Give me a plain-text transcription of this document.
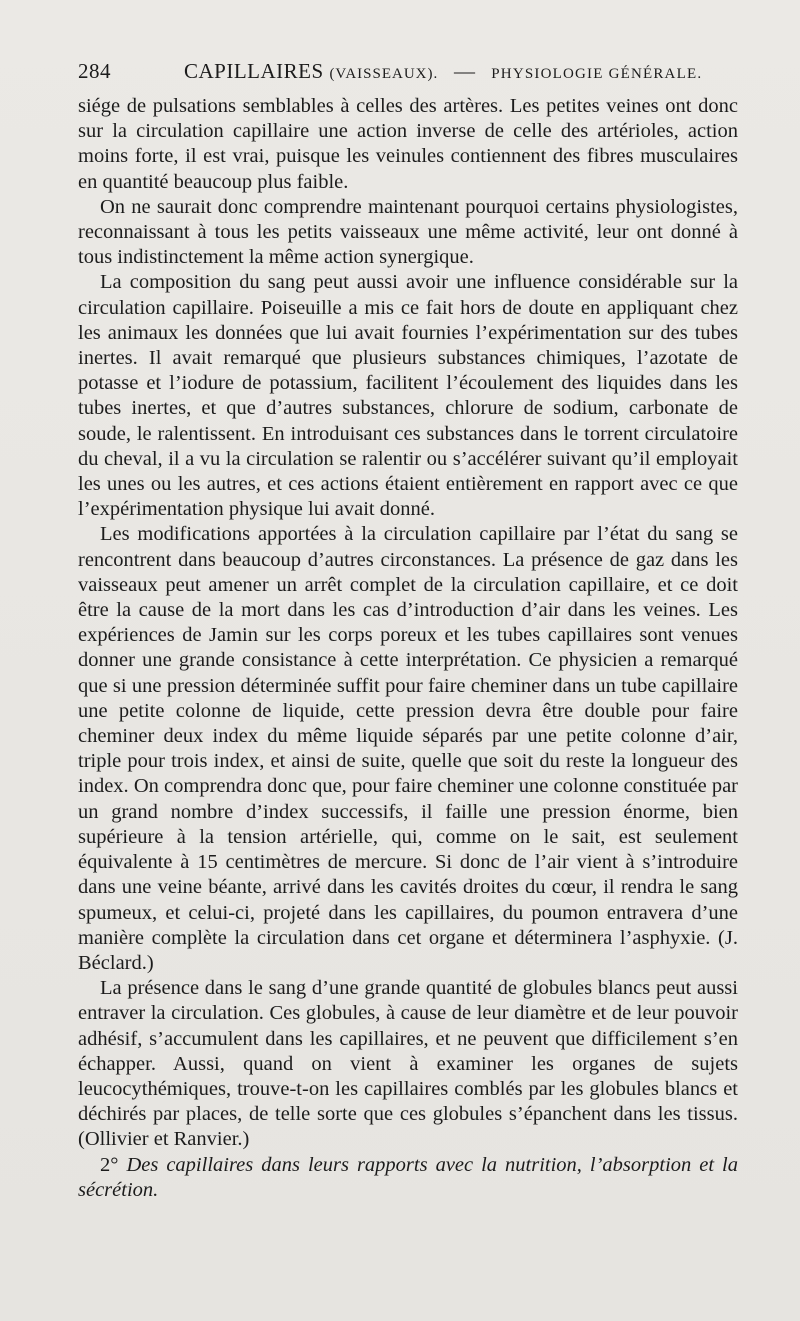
284	CAPILLAIRES (VAISSEAUX). — PHYSIOLOGIE GÉNÉRALE.

siége de pulsations semblables à celles des artères. Les petites veines ont donc sur la circulation capillaire une action inverse de celle des artérioles, action moins forte, il est vrai, puisque les veinules contiennent des fibres musculaires en quantité beaucoup plus faible.

On ne saurait donc comprendre maintenant pourquoi certains physiologistes, reconnaissant à tous les petits vaisseaux une même activité, leur ont donné à tous indistinctement la même action synergique.

La composition du sang peut aussi avoir une influence considérable sur la circulation capillaire. Poiseuille a mis ce fait hors de doute en appliquant chez les animaux les données que lui avait fournies l’expérimentation sur des tubes inertes. Il avait remarqué que plusieurs substances chimiques, l’azotate de potasse et l’iodure de potassium, facilitent l’écoulement des liquides dans les tubes inertes, et que d’autres substances, chlorure de sodium, carbonate de soude, le ralentissent. En introduisant ces substances dans le torrent circulatoire du cheval, il a vu la circulation se ralentir ou s’accélérer suivant qu’il employait les unes ou les autres, et ces actions étaient entièrement en rapport avec ce que l’expérimentation physique lui avait donné.

Les modifications apportées à la circulation capillaire par l’état du sang se rencontrent dans beaucoup d’autres circonstances. La présence de gaz dans les vaisseaux peut amener un arrêt complet de la circulation capillaire, et ce doit être la cause de la mort dans les cas d’introduction d’air dans les veines. Les expériences de Jamin sur les corps poreux et les tubes capillaires sont venues donner une grande consistance à cette interprétation. Ce physicien a remarqué que si une pression déterminée suffit pour faire cheminer dans un tube capillaire une petite colonne de liquide, cette pression devra être double pour faire cheminer deux index du même liquide séparés par une petite colonne d’air, triple pour trois index, et ainsi de suite, quelle que soit du reste la longueur des index. On comprendra donc que, pour faire cheminer une colonne constituée par un grand nombre d’index successifs, il faille une pression énorme, bien supérieure à la tension artérielle, qui, comme on le sait, est seulement équivalente à 15 centimètres de mercure. Si donc de l’air vient à s’introduire dans une veine béante, arrivé dans les cavités droites du cœur, il rendra le sang spumeux, et celui-ci, projeté dans les capillaires, du poumon entravera d’une manière complète la circulation dans cet organe et déterminera l’asphyxie. (J. Béclard.)

La présence dans le sang d’une grande quantité de globules blancs peut aussi entraver la circulation. Ces globules, à cause de leur diamètre et de leur pouvoir adhésif, s’accumulent dans les capillaires, et ne peuvent que difficilement s’en échapper. Aussi, quand on vient à examiner les organes de sujets leucocythémiques, trouve-t-on les capillaires comblés par les globules blancs et déchirés par places, de telle sorte que ces globules s’épanchent dans les tissus. (Ollivier et Ranvier.)

2° Des capillaires dans leurs rapports avec la nutrition, l’absorption et la sécrétion.
